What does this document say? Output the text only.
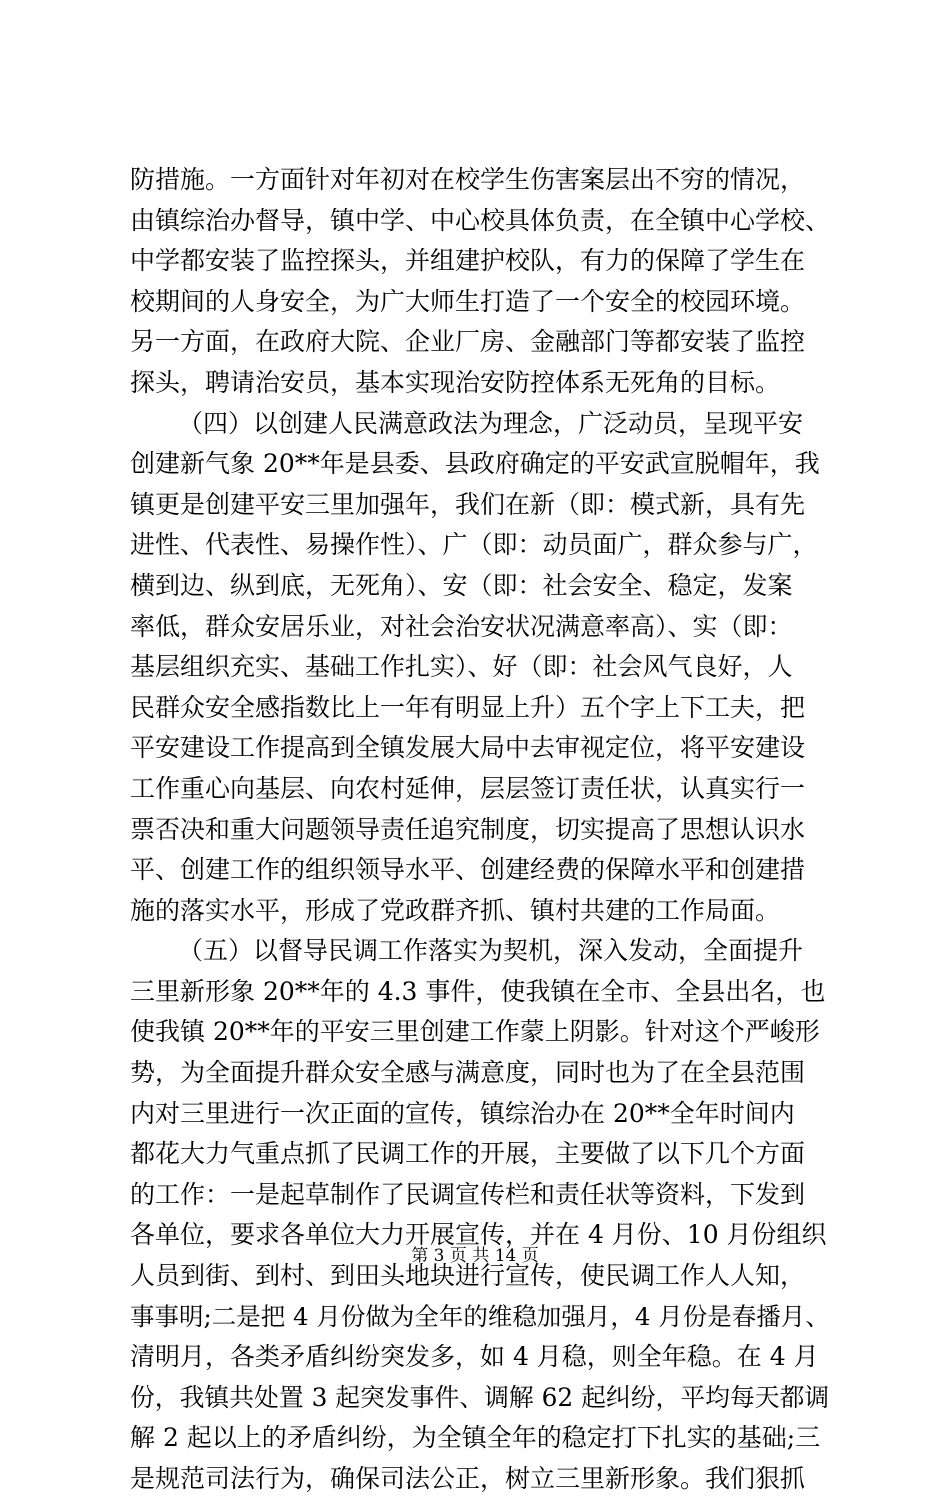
防措施。一方面针对年初对在校学生伤害案层出不穷的情况，
由镇综治办督导，镇中学、中心校具体负责，在全镇中心学校、
中学都安装了监控探头，并组建护校队，有力的保障了学生在
校期间的人身安全，为广大师生打造了一个安全的校园环境。
另一方面，在政府大院、企业厂房、金融部门等都安装了监控
探头，聘请治安员，基本实现治安防控体系无死角的目标。
（四）以创建人民满意政法为理念，广泛动员，呈现平安
创建新气象 20**年是县委、县政府确定的平安武宣脱帽年，我
镇更是创建平安三里加强年，我们在新（即：模式新，具有先
进性、代表性、易操作性）、广（即：动员面广，群众参与广，
横到边、纵到底，无死角）、安（即：社会安全、稳定，发案
率低，群众安居乐业，对社会治安状况满意率高）、实（即：
基层组织充实、基础工作扎实）、好（即：社会风气良好，人
民群众安全感指数比上一年有明显上升）五个字上下工夫，把
平安建设工作提高到全镇发展大局中去审视定位，将平安建设
工作重心向基层、向农村延伸，层层签订责任状，认真实行一
票否决和重大问题领导责任追究制度，切实提高了思想认识水
平、创建工作的组织领导水平、创建经费的保障水平和创建措
施的落实水平，形成了党政群齐抓、镇村共建的工作局面。
（五）以督导民调工作落实为契机，深入发动，全面提升
三里新形象 20**年的 4.3 事件，使我镇在全市、全县出名，也
使我镇 20**年的平安三里创建工作蒙上阴影。针对这个严峻形
势，为全面提升群众安全感与满意度，同时也为了在全县范围
内对三里进行一次正面的宣传，镇综治办在 20**全年时间内
都花大力气重点抓了民调工作的开展，主要做了以下几个方面
的工作：一是起草制作了民调宣传栏和责任状等资料，下发到
各单位，要求各单位大力开展宣传，并在 4 月份、10 月份组织
人员到街、到村、到田头地块进行宣传，使民调工作人人知，
事事明;二是把 4 月份做为全年的维稳加强月，4 月份是春播月、
清明月，各类矛盾纠纷突发多，如 4 月稳，则全年稳。在 4 月
份，我镇共处置 3 起突发事件、调解 62 起纠纷，平均每天都调
解 2 起以上的矛盾纠纷，为全镇全年的稳定打下扎实的基础;三
是规范司法行为，确保司法公正，树立三里新形象。我们狠抓
第 3 页 共 14 页
